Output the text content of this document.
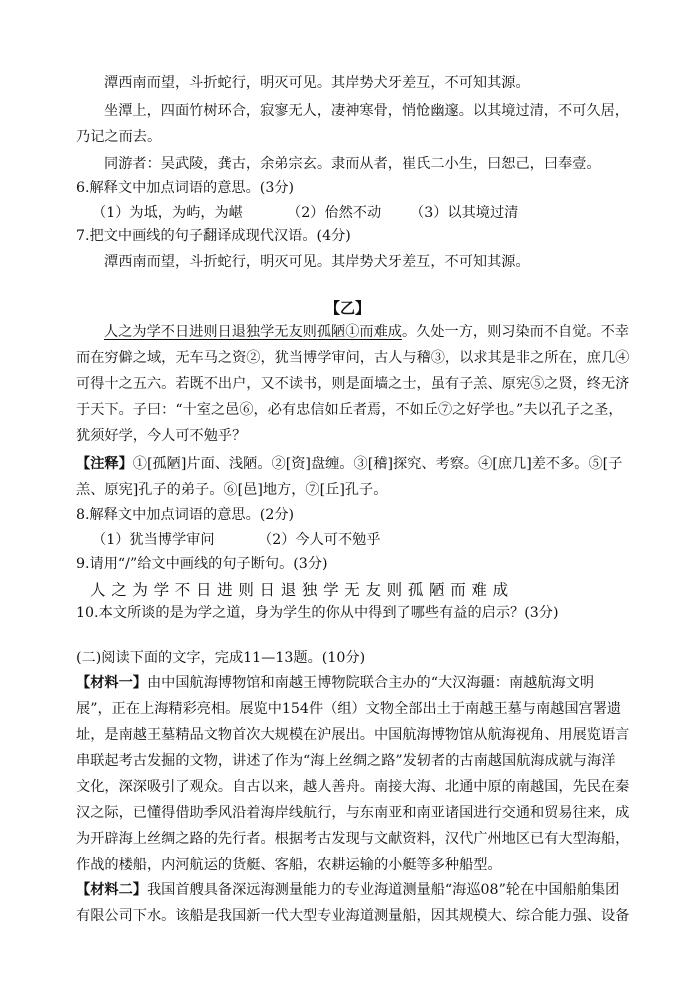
潭西南而望，斗折蛇行，明灭可见。其岸势犬牙差互，不可知其源。
坐潭上，四面竹树环合，寂寥无人，凄神寒骨，悄怆幽邃。以其境过清，不可久居，
乃记之而去。
同游者：吴武陵，龚古，余弟宗玄。隶而从者，崔氏二小生，曰恕己，曰奉壹。
6.解释文中加点词语的意思。(3分)
（1）为坻，为屿，为嵁	（2）佁然不动 （3）以其境过清
7.把文中画线的句子翻译成现代汉语。(4分)
潭西南而望，斗折蛇行，明灭可见。其岸势犬牙差互，不可知其源。
【乙】
人之为学不日进则日退独学无友则孤陋①而难成。久处一方，则习染而不自觉。不幸
而在穷僻之域，无车马之资②，犹当博学审问，古人与稽③，以求其是非之所在，庶几④
可得十之五六。若既不出户，又不读书，则是面墙之士，虽有子羔、原宪⑤之贤，终无济
于天下。子曰：“十室之邑⑥，必有忠信如丘者焉，不如丘⑦之好学也。”夫以孔子之圣，
犹须好学，今人可不勉乎？
【注释】①[孤陋]片面、浅陋。②[资]盘缠。③[稽]探究、考察。④[庶几]差不多。⑤[子
羔、原宪]孔子的弟子。⑥[邑]地方，⑦[丘]孔子。
8.解释文中加点词语的意思。(2分)
（1）犹当博学审问	（2）今人可不勉乎
9.请用“/”给文中画线的句子断句。(3分)
人 之 为 学 不 日 进 则 日 退 独 学 无 友 则 孤 陋 而 难 成
10.本文所谈的是为学之道，身为学生的你从中得到了哪些有益的启示？(3分)
(二)阅读下面的文字，完成11—13题。(10分)
【材料一】由中国航海博物馆和南越王博物院联合主办的“大汉海疆：南越航海文明
展”，正在上海精彩亮相。展览中154件（组）文物全部出土于南越王墓与南越国宫署遗
址，是南越王墓精品文物首次大规模在沪展出。中国航海博物馆从航海视角、用展览语言
串联起考古发掘的文物，讲述了作为“海上丝绸之路”发轫者的古南越国航海成就与海洋
文化，深深吸引了观众。自古以来，越人善舟。南接大海、北通中原的南越国，先民在秦
汉之际，已懂得借助季风沿着海岸线航行，与东南亚和南亚诸国进行交通和贸易往来，成
为开辟海上丝绸之路的先行者。根据考古发现与文献资料，汉代广州地区已有大型海船，
作战的楼船，内河航运的货艇、客船，农耕运输的小艇等多种船型。
【材料二】我国首艘具备深远海测量能力的专业海道测量船“海巡08”轮在中国船舶集团
有限公司下水。该船是我国新一代大型专业海道测量船，因其规模大、综合能力强、设备
